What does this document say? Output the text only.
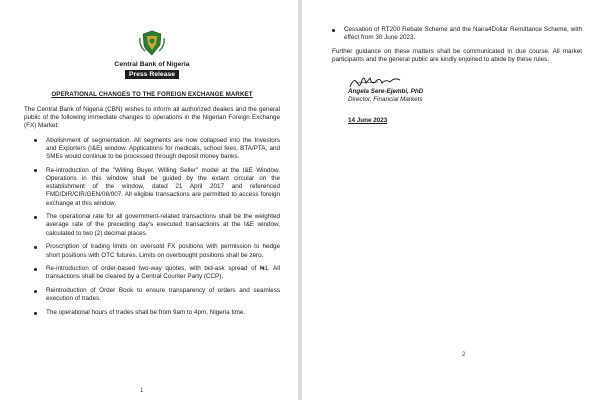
Central Bank of Nigeria
Press Release
OPERATIONAL CHANGES TO THE FOREIGN EXCHANGE MARKET
The Central Bank of Nigeria (CBN) wishes to inform all authorized dealers and the general public of the following immediate changes to operations in the Nigerian Foreign Exchange (FX) Market:
Abolishment of segmentation. All segments are now collapsed into the Investors and Exporters (I&E) window. Applications for medicals, school fees, BTA/PTA, and SMEs would continue to be processed through deposit money banks.
Re-introduction of the "Willing Buyer, Willing Seller" model at the I&E Window. Operations in this window shall be guided by the extant circular on the establishment of the window, dated 21 April 2017 and referenced FMD/DIR/CIR/GEN/08/007. All eligible transactions are permitted to access foreign exchange at this window.
The operational rate for all government-related transactions shall be the weighted average rate of the preceding day's executed transactions at the I&E window, calculated to two (2) decimal places.
Proscription of trading limits on oversold FX positions with permission to hedge short positions with OTC futures. Limits on overbought positions shall be zero.
Re-introduction of order-based two-way quotes, with bid-ask spread of ₦1. All transactions shall be cleared by a Central Counter Party (CCP).
Reintroduction of Order Book to ensure transparency of orders and seamless execution of trades.
The operational hours of trades shall be from 9am to 4pm, Nigeria time.
1
Cessation of RT200 Rebate Scheme and the Naira4Dollar Remittance Scheme, with effect from 30 June 2023.
Further guidance on these matters shall be communicated in due course. All market participants and the general public are kindly enjoined to abide by these rules.
Angela Sere-Ejembi, PhD
Director, Financial Markets
14 June 2023
2
